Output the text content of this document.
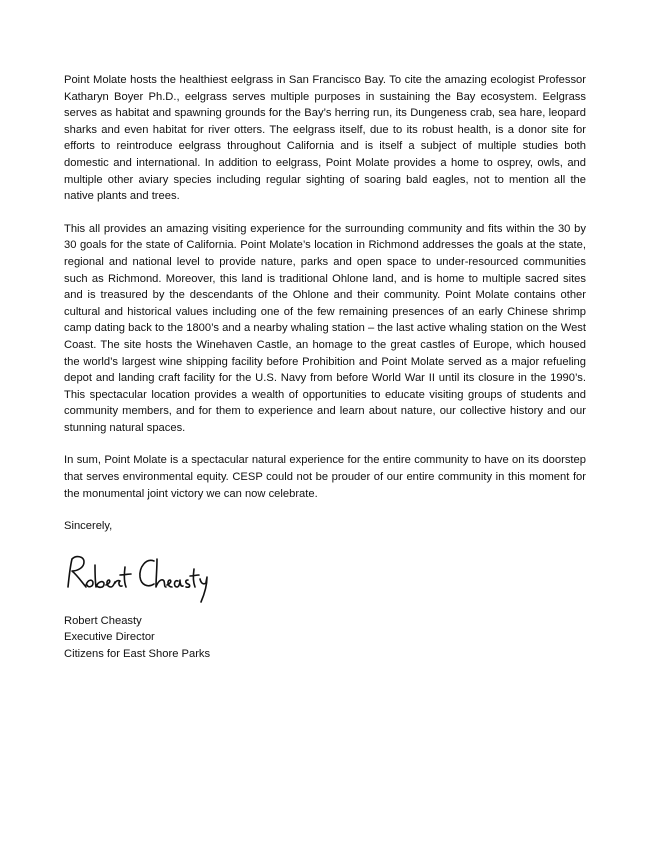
Point Molate hosts the healthiest eelgrass in San Francisco Bay. To cite the amazing ecologist Professor Katharyn Boyer Ph.D., eelgrass serves multiple purposes in sustaining the Bay ecosystem. Eelgrass serves as habitat and spawning grounds for the Bay’s herring run, its Dungeness crab, sea hare, leopard sharks and even habitat for river otters. The eelgrass itself, due to its robust health, is a donor site for efforts to reintroduce eelgrass throughout California and is itself a subject of multiple studies both domestic and international. In addition to eelgrass, Point Molate provides a home to osprey, owls, and multiple other aviary species including regular sighting of soaring bald eagles, not to mention all the native plants and trees.

This all provides an amazing visiting experience for the surrounding community and fits within the 30 by 30 goals for the state of California. Point Molate’s location in Richmond addresses the goals at the state, regional and national level to provide nature, parks and open space to under-resourced communities such as Richmond. Moreover, this land is traditional Ohlone land, and is home to multiple sacred sites and is treasured by the descendants of the Ohlone and their community. Point Molate contains other cultural and historical values including one of the few remaining presences of an early Chinese shrimp camp dating back to the 1800’s and a nearby whaling station – the last active whaling station on the West Coast. The site hosts the Winehaven Castle, an homage to the great castles of Europe, which housed the world’s largest wine shipping facility before Prohibition and Point Molate served as a major refueling depot and landing craft facility for the U.S. Navy from before World War II until its closure in the 1990’s. This spectacular location provides a wealth of opportunities to educate visiting groups of students and community members, and for them to experience and learn about nature, our collective history and our stunning natural spaces.

In sum, Point Molate is a spectacular natural experience for the entire community to have on its doorstep that serves environmental equity. CESP could not be prouder of our entire community in this moment for the monumental joint victory we can now celebrate.

Sincerely,

Robert Cheasty
Executive Director
Citizens for East Shore Parks
